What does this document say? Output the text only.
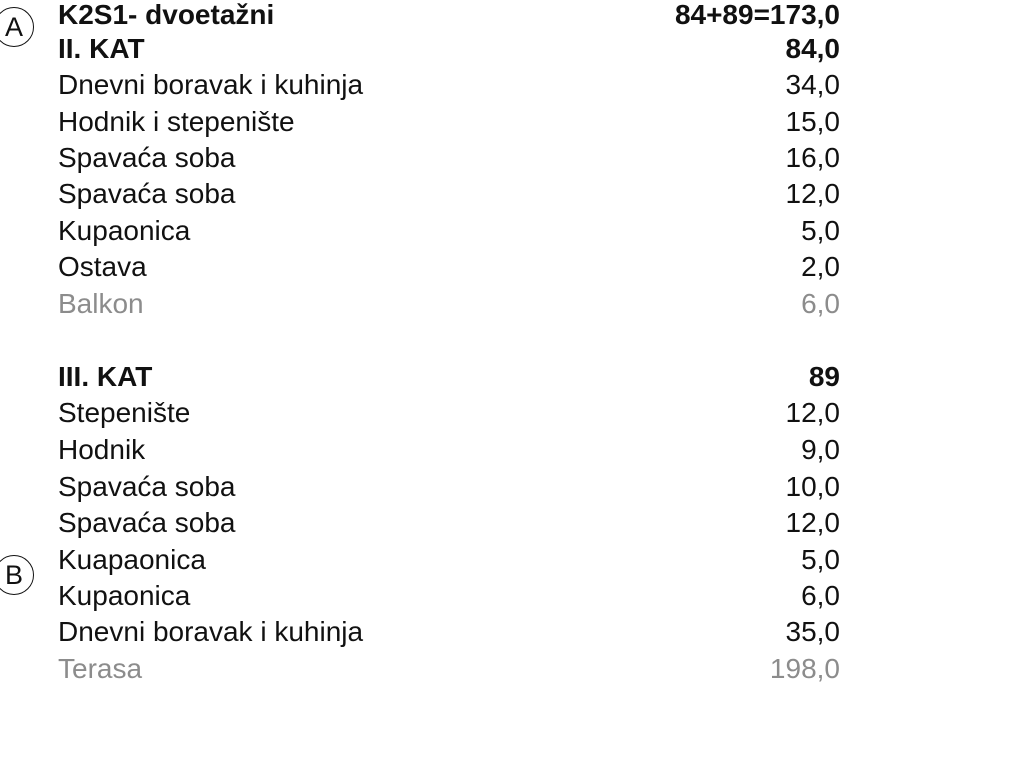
A
B
K2S1- dvoetažni	84+89=173,0
II. KAT	84,0
Dnevni boravak i kuhinja	34,0
Hodnik i stepenište	15,0
Spavaća soba	16,0
Spavaća soba	12,0
Kupaonica	5,0
Ostava	2,0
Balkon	6,0
III. KAT	89
Stepenište	12,0
Hodnik	9,0
Spavaća soba	10,0
Spavaća soba	12,0
Kuapaonica	5,0
Kupaonica	6,0
Dnevni boravak i kuhinja	35,0
Terasa	198,0
